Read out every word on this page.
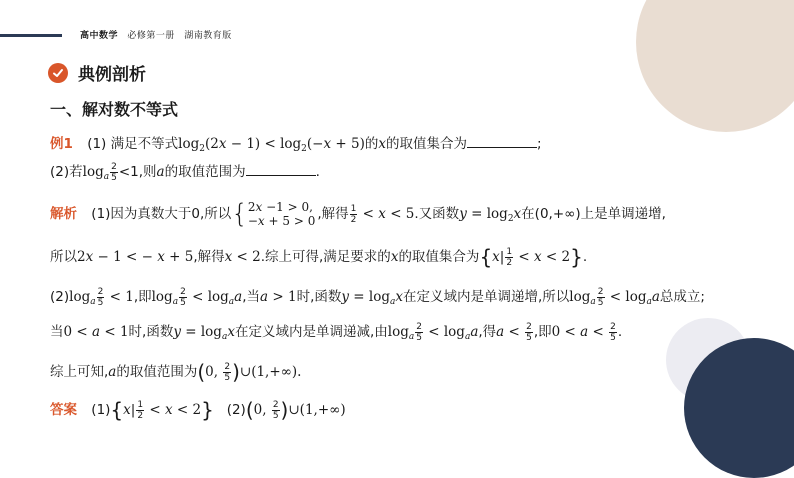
高中数学 必修第一册 湖南教育版
典例剖析
一、解对数不等式
例1 (1) 满足不等式$\log_2(2x - 1) < \log_2(-x + 5)$的x的取值集合为	;
(2)若$\log_a \frac{2}{5} <1$,则a的取值范围为	.
解析 (1)因为真数大于0,所以{2x −1 > 0,
−x + 5 > 0 ,解得 $\frac{1}{2} < x < 5$.又函数$y = \log_2x$在(0,+∞)上是单调递增,
所以2x − 1 < − x + 5,解得x < 2.综上可得,满足要求的x的取值集合为$\{x| \frac{1}{2} < x < 2\}$.
$(2)\log_a \frac{2}{5} < 1$,即$\log_a \frac{2}{5} < \log_aa$,当a > 1时,函数$y = \log_ax$在定义域内是单调递增,所以$\log_a \frac{2}{5} < \log_aa$总成立;
当0 < a < 1时,函数$y = \log_ax$在定义域内是单调递减,由$\log_a \frac{2}{5} < \log_aa$,得$a < \frac{2}{5}$ ,即$0 < a < \frac{2}{5}$ .
综上可知,a的取值范围为(0, $\frac{2}{5}$ )∪(1,+∞).
答案 $(1)\{x| \frac{1}{2} < x < 2\}$ (2)(0, $\frac{2}{5}$ )∪(1,+∞)
